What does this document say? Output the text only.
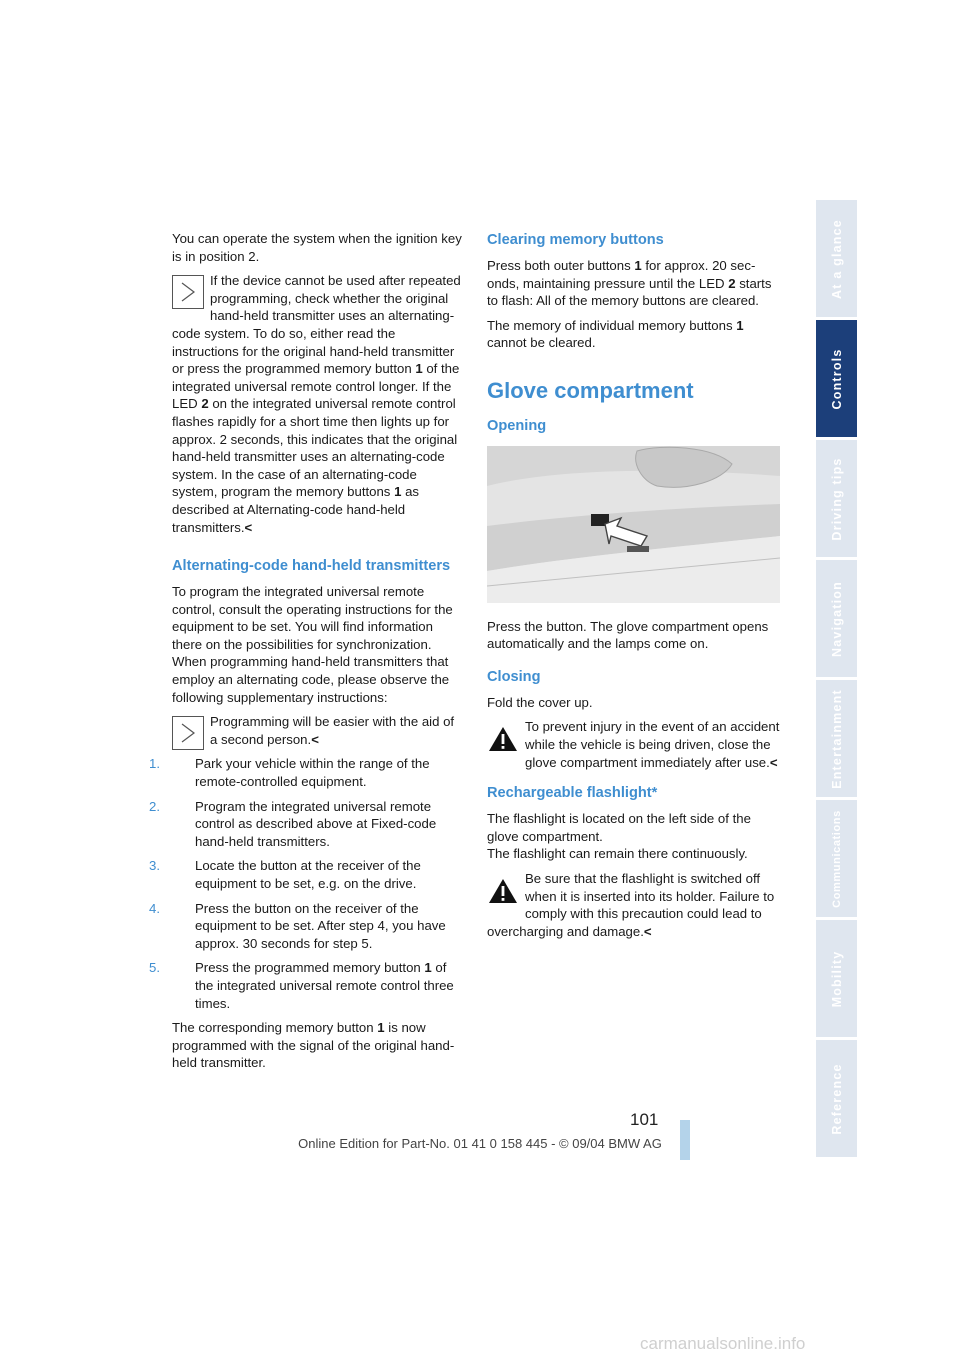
You can operate the system when the ignition key is in position 2.

If the device cannot be used after repeated programming, check whether the original hand-held transmitter uses an alternating-code system. To do so, either read the instructions for the original hand-held transmitter or press the programmed memory button 1 of the integrated universal remote control longer. If the LED 2 on the integrated universal remote control flashes rapidly for a short time then lights up for approx. 2 seconds, this indicates that the original hand-held transmitter uses an alternating-code system. In the case of an alternating-code system, program the memory buttons 1 as described at Alternating-code hand-held transmitters.<

Alternating-code hand-held transmitters

To program the integrated universal remote control, consult the operating instructions for the equipment to be set. You will find information there on the possibilities for synchronization.

When programming hand-held transmitters that employ an alternating code, please observe the following supplementary instructions:

Programming will be easier with the aid of a second person.<

1.	Park your vehicle within the range of the remote-controlled equipment.
2.	Program the integrated universal remote control as described above at Fixed-code hand-held transmitters.
3.	Locate the button at the receiver of the equipment to be set, e.g. on the drive.
4.	Press the button on the receiver of the equipment to be set. After step 4, you have approx. 30 seconds for step 5.
5.	Press the programmed memory button 1 of the integrated universal remote control three times.

The corresponding memory button 1 is now programmed with the signal of the original hand-held transmitter.

Clearing memory buttons

Press both outer buttons 1 for approx. 20 seconds, maintaining pressure until the LED 2 starts to flash: All of the memory buttons are cleared.

The memory of individual memory buttons 1 cannot be cleared.

Glove compartment
Opening

Press the button. The glove compartment opens automatically and the lamps come on.

Closing

Fold the cover up.

To prevent injury in the event of an accident while the vehicle is being driven, close the glove compartment immediately after use.<

Rechargeable flashlight*

The flashlight is located on the left side of the glove compartment.

The flashlight can remain there continuously.

Be sure that the flashlight is switched off when it is inserted into its holder. Failure to comply with this precaution could lead to overcharging and damage.<

At a glance
Controls
Driving tips
Navigation
Entertainment
Communications
Mobility
Reference
101
Online Edition for Part-No. 01 41 0 158 445 - © 09/04 BMW AG
carmanualsonline.info
